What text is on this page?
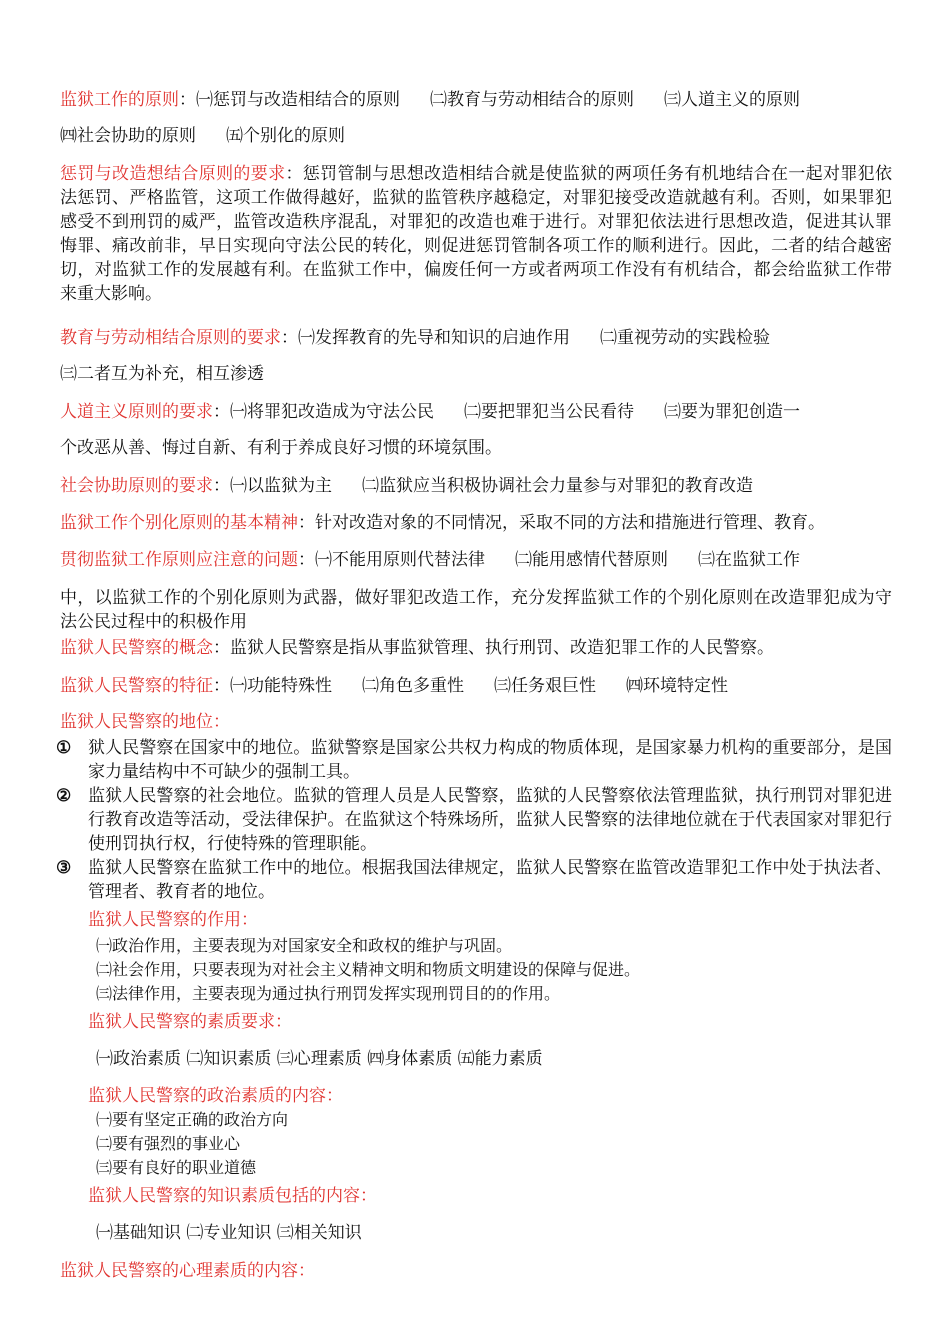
监狱工作的原则：㈠惩罚与改造相结合的原则 ㈡教育与劳动相结合的原则 ㈢人道主义的原则
㈣社会协助的原则 ㈤个别化的原则
惩罚与改造想结合原则的要求：惩罚管制与思想改造相结合就是使监狱的两项任务有机地结合在一起对罪犯依法惩罚、严格监管，这项工作做得越好，监狱的监管秩序越稳定，对罪犯接受改造就越有利。否则，如果罪犯感受不到刑罚的威严，监管改造秩序混乱，对罪犯的改造也难于进行。对罪犯依法进行思想改造，促进其认罪悔罪、痛改前非，早日实现向守法公民的转化，则促进惩罚管制各项工作的顺利进行。因此，二者的结合越密切，对监狱工作的发展越有利。在监狱工作中，偏废任何一方或者两项工作没有有机结合，都会给监狱工作带来重大影响。
教育与劳动相结合原则的要求：㈠发挥教育的先导和知识的启迪作用 ㈡重视劳动的实践检验
㈢二者互为补充，相互渗透
人道主义原则的要求：㈠将罪犯改造成为守法公民 ㈡要把罪犯当公民看待 ㈢要为罪犯创造一
个改恶从善、悔过自新、有利于养成良好习惯的环境氛围。
社会协助原则的要求：㈠以监狱为主 ㈡监狱应当积极协调社会力量参与对罪犯的教育改造
监狱工作个别化原则的基本精神：针对改造对象的不同情况，采取不同的方法和措施进行管理、教育。
贯彻监狱工作原则应注意的问题：㈠不能用原则代替法律 ㈡能用感情代替原则 ㈢在监狱工作
中，以监狱工作的个别化原则为武器，做好罪犯改造工作，充分发挥监狱工作的个别化原则在改造罪犯成为守法公民过程中的积极作用
监狱人民警察的概念：监狱人民警察是指从事监狱管理、执行刑罚、改造犯罪工作的人民警察。
监狱人民警察的特征：㈠功能特殊性 ㈡角色多重性 ㈢任务艰巨性 ㈣环境特定性
监狱人民警察的地位：
① 狱人民警察在国家中的地位。监狱警察是国家公共权力构成的物质体现，是国家暴力机构的重要部分，是国家力量结构中不可缺少的强制工具。
② 监狱人民警察的社会地位。监狱的管理人员是人民警察，监狱的人民警察依法管理监狱，执行刑罚对罪犯进行教育改造等活动，受法律保护。在监狱这个特殊场所，监狱人民警察的法律地位就在于代表国家对罪犯行使刑罚执行权，行使特殊的管理职能。
③ 监狱人民警察在监狱工作中的地位。根据我国法律规定，监狱人民警察在监管改造罪犯工作中处于执法者、管理者、教育者的地位。
监狱人民警察的作用：
㈠政治作用，主要表现为对国家安全和政权的维护与巩固。
㈡社会作用，只要表现为对社会主义精神文明和物质文明建设的保障与促进。
㈢法律作用，主要表现为通过执行刑罚发挥实现刑罚目的的作用。
监狱人民警察的素质要求：
㈠政治素质 ㈡知识素质 ㈢心理素质 ㈣身体素质 ㈤能力素质
监狱人民警察的政治素质的内容：
㈠要有坚定正确的政治方向
㈡要有强烈的事业心
㈢要有良好的职业道德
监狱人民警察的知识素质包括的内容：
㈠基础知识 ㈡专业知识 ㈢相关知识
监狱人民警察的心理素质的内容：
